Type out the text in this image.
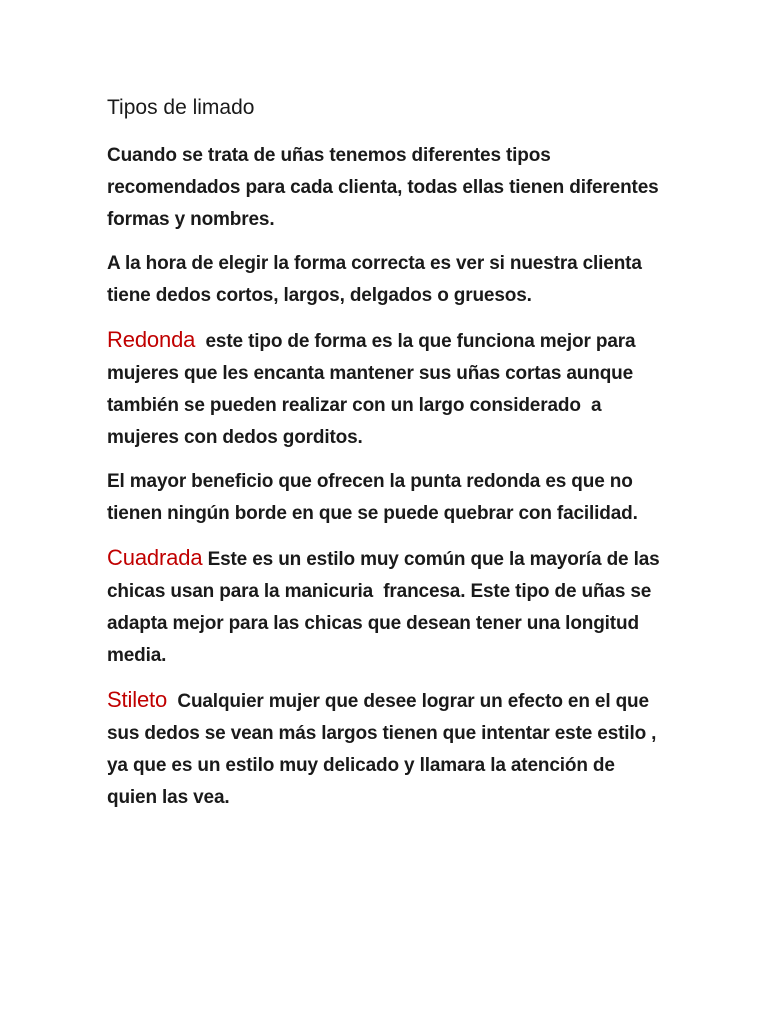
Tipos de limado

Cuando se trata de uñas tenemos diferentes tipos recomendados para cada clienta, todas ellas tienen diferentes formas y nombres.

A la hora de elegir la forma correcta es ver si nuestra clienta tiene dedos cortos, largos, delgados o gruesos.

Redonda  este tipo de forma es la que funciona mejor para mujeres que les encanta mantener sus uñas cortas aunque también se pueden realizar con un largo considerado  a mujeres con dedos gorditos.

El mayor beneficio que ofrecen la punta redonda es que no tienen ningún borde en que se puede quebrar con facilidad.

Cuadrada Este es un estilo muy común que la mayoría de las chicas usan para la manicuria  francesa. Este tipo de uñas se adapta mejor para las chicas que desean tener una longitud media.

Stileto  Cualquier mujer que desee lograr un efecto en el que sus dedos se vean más largos tienen que intentar este estilo , ya que es un estilo muy delicado y llamara la atención de quien las vea.
